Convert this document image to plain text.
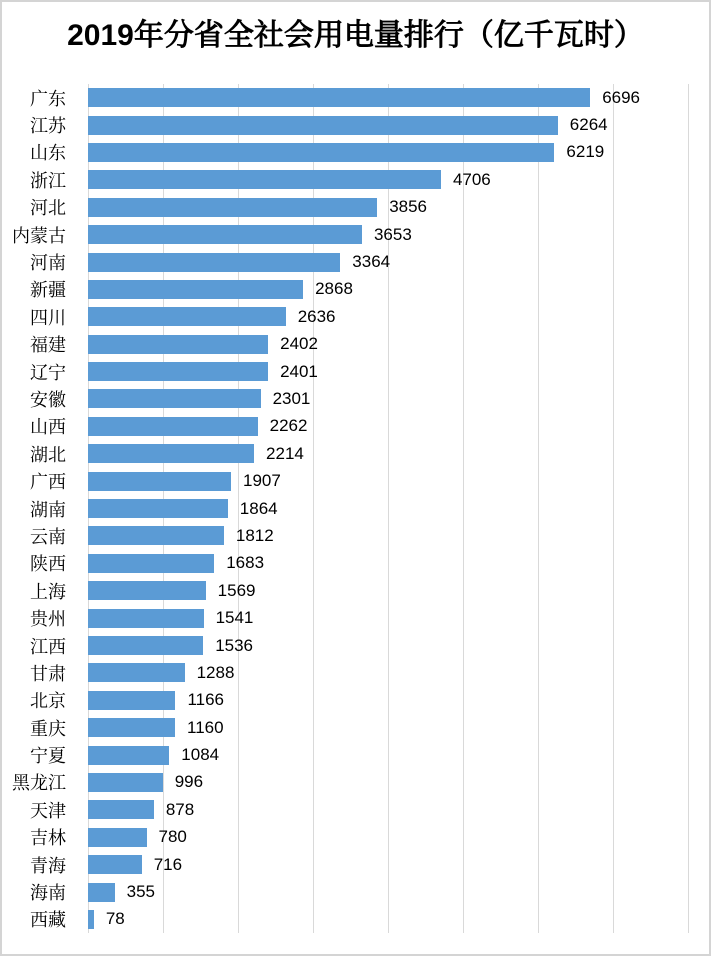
2019年分省全社会用电量排行（亿千瓦时）
广东
江苏
山东
浙江
河北
内蒙古
河南
新疆
四川
福建
辽宁
安徽
山西
湖北
广西
湖南
云南
陕西
上海
贵州
江西
甘肃
北京
重庆
宁夏
黑龙江
天津
吉林
青海
海南
西藏
6696
6264
6219
4706
3856
3653
3364
2868
2636
2402
2401
2301
2262
2214
1907
1864
1812
1683
1569
1541
1536
1288
1166
1160
1084
996
878
780
716
355
78
